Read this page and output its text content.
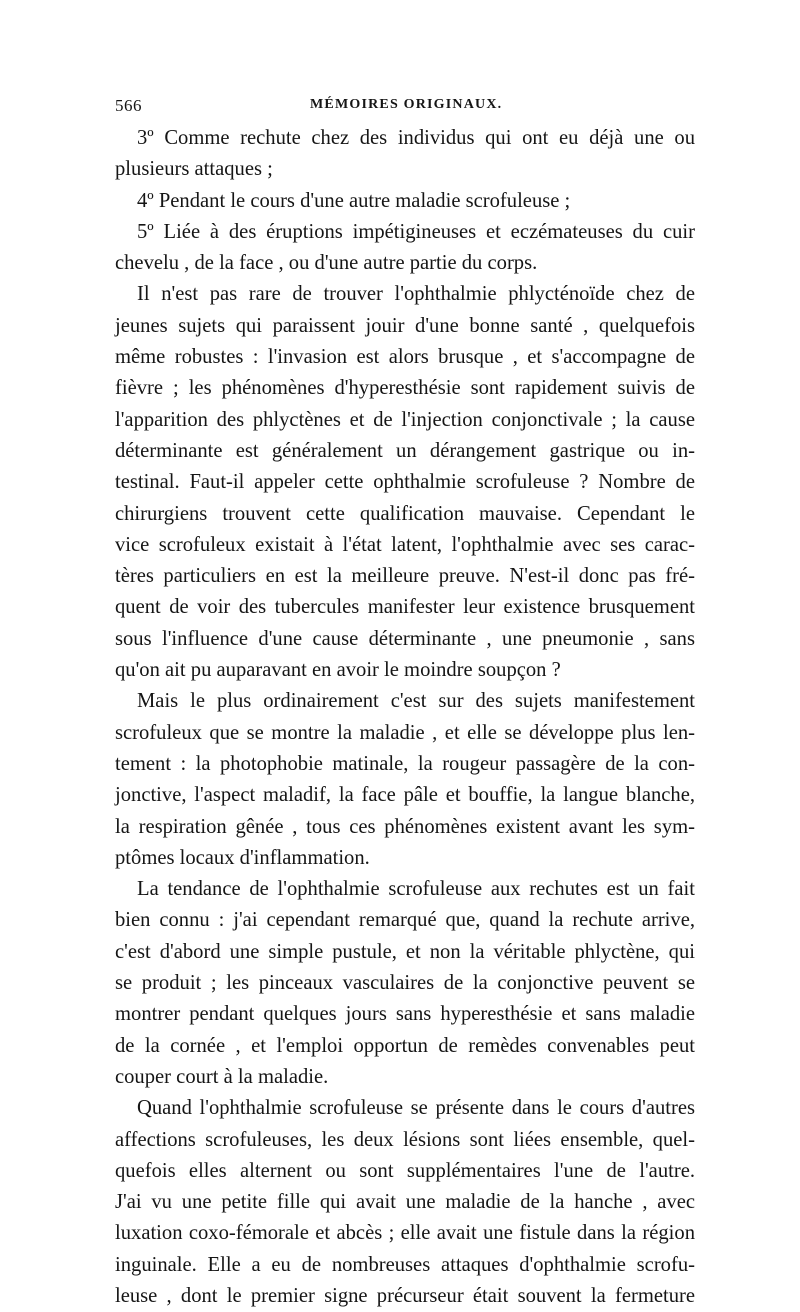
566	MÉMOIRES ORIGINAUX.
3º Comme rechute chez des individus qui ont eu déjà une ou
plusieurs attaques ;
4º Pendant le cours d'une autre maladie scrofuleuse ;
5º Liée à des éruptions impétigineuses et eczémateuses du cuir
chevelu , de la face , ou d'une autre partie du corps.
Il n'est pas rare de trouver l'ophthalmie phlycténoïde chez de
jeunes sujets qui paraissent jouir d'une bonne santé , quelquefois
même robustes : l'invasion est alors brusque , et s'accompagne de
fièvre ; les phénomènes d'hyperesthésie sont rapidement suivis de
l'apparition des phlyctènes et de l'injection conjonctivale ; la cause
déterminante est généralement un dérangement gastrique ou in-
testinal. Faut-il appeler cette ophthalmie scrofuleuse ? Nombre de
chirurgiens trouvent cette qualification mauvaise. Cependant le
vice scrofuleux existait à l'état latent, l'ophthalmie avec ses carac-
tères particuliers en est la meilleure preuve. N'est-il donc pas fré-
quent de voir des tubercules manifester leur existence brusquement
sous l'influence d'une cause déterminante , une pneumonie , sans
qu'on ait pu auparavant en avoir le moindre soupçon ?
Mais le plus ordinairement c'est sur des sujets manifestement
scrofuleux que se montre la maladie , et elle se développe plus len-
tement : la photophobie matinale, la rougeur passagère de la con-
jonctive, l'aspect maladif, la face pâle et bouffie, la langue blanche,
la respiration gênée , tous ces phénomènes existent avant les sym-
ptômes locaux d'inflammation.
La tendance de l'ophthalmie scrofuleuse aux rechutes est un fait
bien connu : j'ai cependant remarqué que, quand la rechute arrive,
c'est d'abord une simple pustule, et non la véritable phlyctène, qui
se produit ; les pinceaux vasculaires de la conjonctive peuvent se
montrer pendant quelques jours sans hyperesthésie et sans maladie
de la cornée , et l'emploi opportun de remèdes convenables peut
couper court à la maladie.
Quand l'ophthalmie scrofuleuse se présente dans le cours d'autres
affections scrofuleuses, les deux lésions sont liées ensemble, quel-
quefois elles alternent ou sont supplémentaires l'une de l'autre.
J'ai vu une petite fille qui avait une maladie de la hanche , avec
luxation coxo-fémorale et abcès ; elle avait une fistule dans la région
inguinale. Elle a eu de nombreuses attaques d'ophthalmie scrofu-
leuse , dont le premier signe précurseur était souvent la fermeture
